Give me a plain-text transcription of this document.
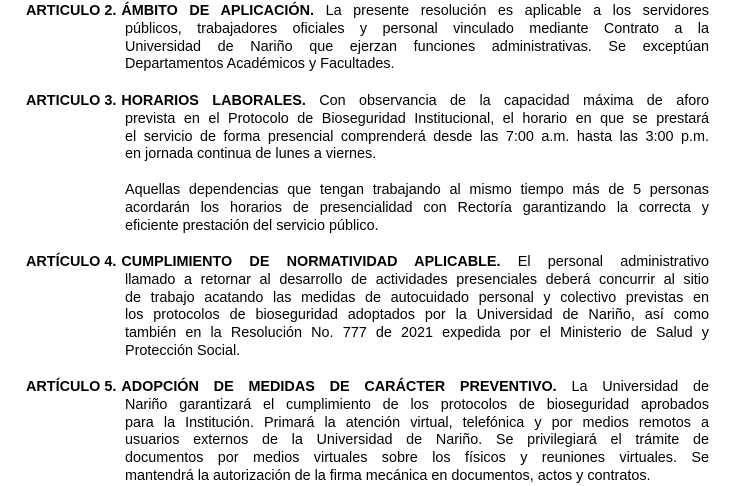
ARTICULO 2. ÁMBITO DE APLICACIÓN. La presente resolución es aplicable a los servidores
públicos, trabajadores oficiales y personal vinculado mediante Contrato a la
Universidad de Nariño que ejerzan funciones administrativas. Se exceptúan
Departamentos Académicos y Facultades.
ARTICULO 3. HORARIOS LABORALES. Con observancia de la capacidad máxima de aforo
prevista en el Protocolo de Bioseguridad Institucional, el horario en que se prestará
el servicio de forma presencial comprenderá desde las 7:00 a.m. hasta las 3:00 p.m.
en jornada continua de lunes a viernes.
Aquellas dependencias que tengan trabajando al mismo tiempo más de 5 personas
acordarán los horarios de presencialidad con Rectoría garantizando la correcta y
eficiente prestación del servicio público.
ARTÍCULO 4. CUMPLIMIENTO DE NORMATIVIDAD APLICABLE. El personal administrativo
llamado a retornar al desarrollo de actividades presenciales deberá concurrir al sitio
de trabajo acatando las medidas de autocuidado personal y colectivo previstas en
los protocolos de bioseguridad adoptados por la Universidad de Nariño, así como
también en la Resolución No. 777 de 2021 expedida por el Ministerio de Salud y
Protección Social.
ARTÍCULO 5. ADOPCIÓN DE MEDIDAS DE CARÁCTER PREVENTIVO. La Universidad de
Nariño garantizará el cumplimiento de los protocolos de bioseguridad aprobados
para la Institución. Primará la atención virtual, telefónica y por medios remotos a
usuarios externos de la Universidad de Nariño. Se privilegiará el trámite de
documentos por medios virtuales sobre los físicos y reuniones virtuales. Se
mantendrá la autorización de la firma mecánica en documentos, actos y contratos.
